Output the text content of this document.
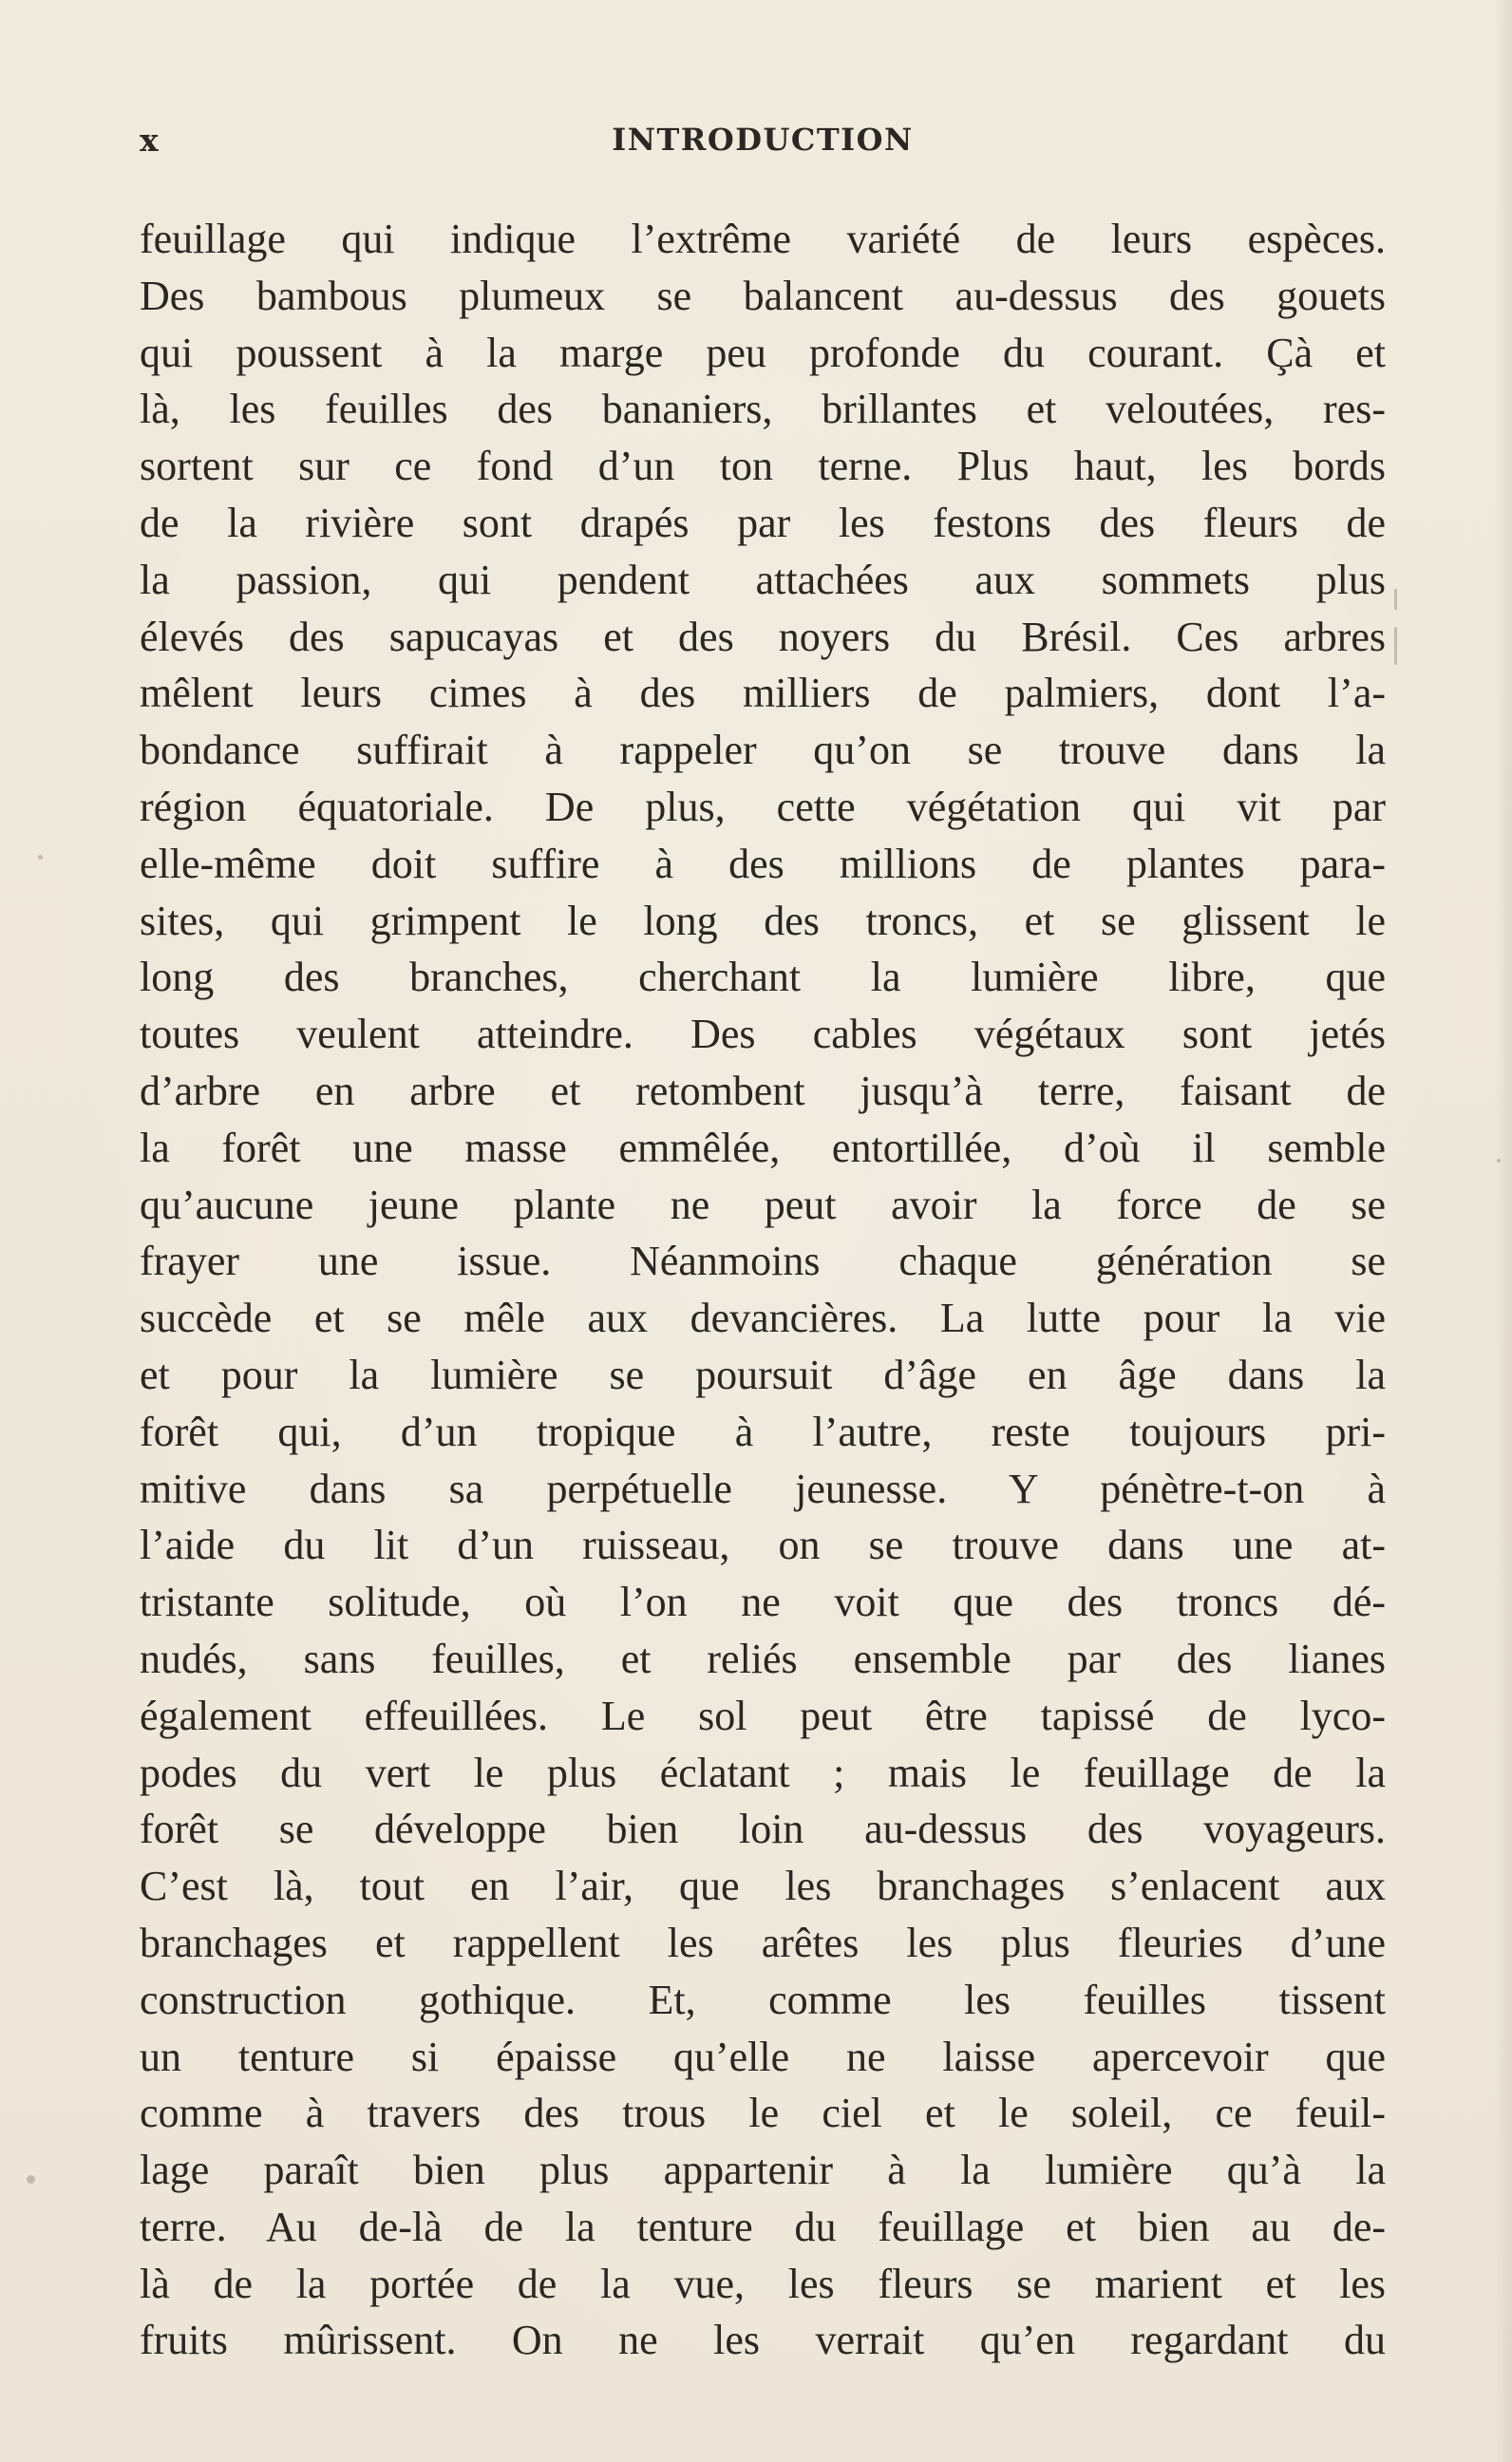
x	INTRODUCTION
feuillage qui indique l’extrême variété de leurs espèces.
Des bambous plumeux se balancent au-dessus des gouets
qui poussent à la marge peu profonde du courant. Çà et
là, les feuilles des bananiers, brillantes et veloutées, res-
sortent sur ce fond d’un ton terne. Plus haut, les bords
de la rivière sont drapés par les festons des fleurs de
la passion, qui pendent attachées aux sommets plus
élevés des sapucayas et des noyers du Brésil. Ces arbres
mêlent leurs cimes à des milliers de palmiers, dont l’a-
bondance suffirait à rappeler qu’on se trouve dans la
région équatoriale. De plus, cette végétation qui vit par
elle-même doit suffire à des millions de plantes para-
sites, qui grimpent le long des troncs, et se glissent le
long des branches, cherchant la lumière libre, que
toutes veulent atteindre. Des cables végétaux sont jetés
d’arbre en arbre et retombent jusqu’à terre, faisant de
la forêt une masse emmêlée, entortillée, d’où il semble
qu’aucune jeune plante ne peut avoir la force de se
frayer une issue. Néanmoins chaque génération se
succède et se mêle aux devancières. La lutte pour la vie
et pour la lumière se poursuit d’âge en âge dans la
forêt qui, d’un tropique à l’autre, reste toujours pri-
mitive dans sa perpétuelle jeunesse. Y pénètre-t-on à
l’aide du lit d’un ruisseau, on se trouve dans une at-
tristante solitude, où l’on ne voit que des troncs dé-
nudés, sans feuilles, et reliés ensemble par des lianes
également effeuillées. Le sol peut être tapissé de lyco-
podes du vert le plus éclatant ; mais le feuillage de la
forêt se développe bien loin au-dessus des voyageurs.
C’est là, tout en l’air, que les branchages s’enlacent aux
branchages et rappellent les arêtes les plus fleuries d’une
construction gothique. Et, comme les feuilles tissent
un tenture si épaisse qu’elle ne laisse apercevoir que
comme à travers des trous le ciel et le soleil, ce feuil-
lage paraît bien plus appartenir à la lumière qu’à la
terre. Au de-là de la tenture du feuillage et bien au de-
là de la portée de la vue, les fleurs se marient et les
fruits mûrissent. On ne les verrait qu’en regardant du
